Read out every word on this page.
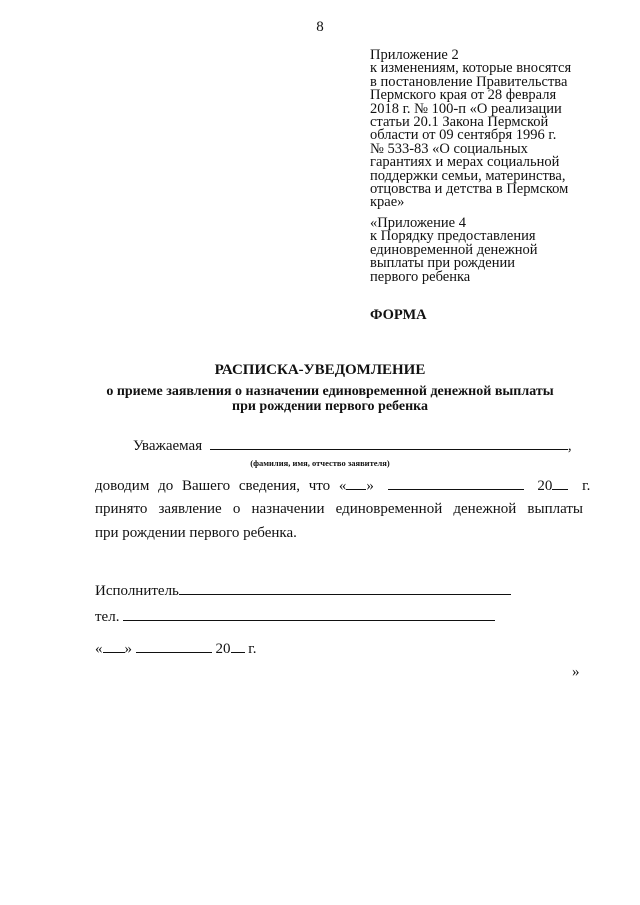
8
Приложение 2
к изменениям, которые вносятся
в постановление Правительства
Пермского края от 28 февраля
2018 г. № 100-п «О реализации
статьи 20.1 Закона Пермской
области от 09 сентября 1996 г.
№ 533-83 «О социальных
гарантиях и мерах социальной
поддержки семьи, материнства,
отцовства и детства в Пермском
крае»
«Приложение 4
к Порядку предоставления
единовременной денежной
выплаты при рождении
первого ребенка
ФОРМА
РАСПИСКА-УВЕДОМЛЕНИЕ
о приеме заявления о назначении единовременной денежной выплаты
при рождении первого ребенка
Уважаемая	,
(фамилия, имя, отчество заявителя)
доводим до Вашего сведения, что « »	20 г.
принято заявление о назначении единовременной денежной выплаты
при рождении первого ребенка.
Исполнитель
тел.
« »	20 г.
»
